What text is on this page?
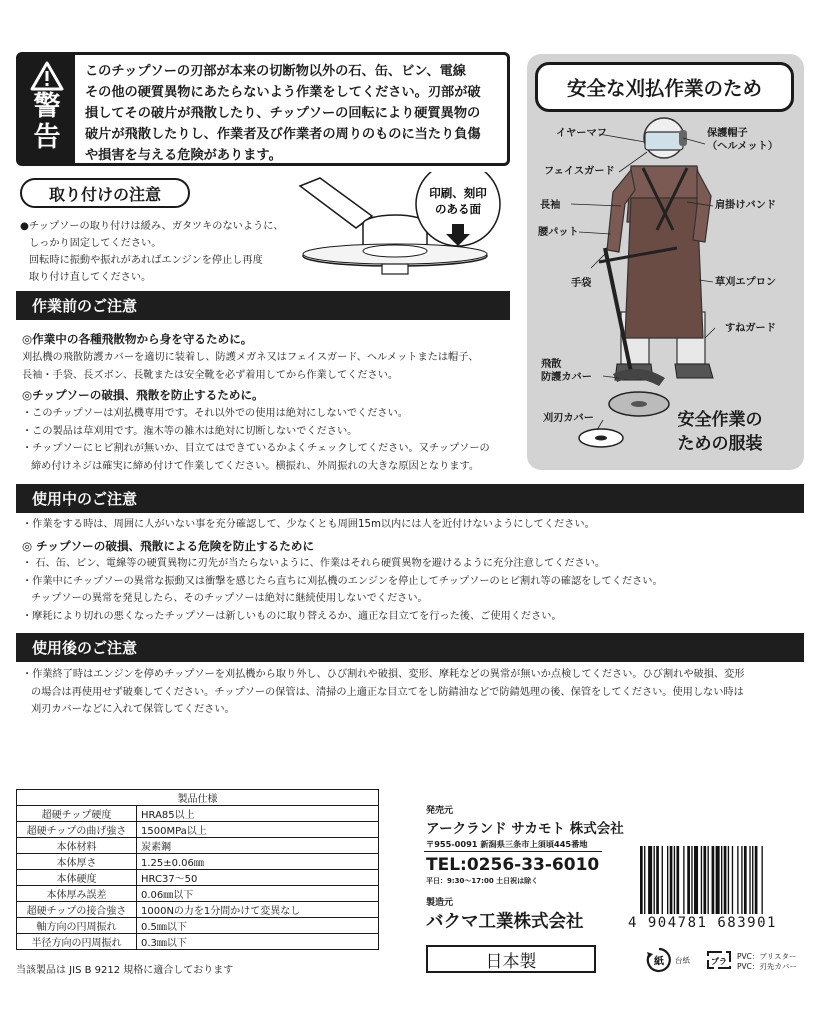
警告
このチップソーの刃部が本来の切断物以外の石、缶、ビン、電線
その他の硬質異物にあたらないよう作業をしてください。刃部が破
損してその破片が飛散したり、チップソーの回転により硬質異物の
破片が飛散したりし、作業者及び作業者の周りのものに当たり負傷
や損害を与える危険があります。
取り付けの注意
●チップソーの取り付けは緩み、ガタツキのないように、
しっかり固定してください。
回転時に振動や振れがあればエンジンを停止し再度
取り付け直してください。
印刷、刻印
のある面
作業前のご注意
◎作業中の各種飛散物から身を守るために。
刈払機の飛散防護カバーを適切に装着し、防護メガネ又はフェイスガード、ヘルメットまたは帽子、
長袖・手袋、長ズボン、長靴または安全靴を必ず着用してから作業してください。
◎チップソーの破損、飛散を防止するために。
・このチップソーは刈払機専用です。それ以外での使用は絶対にしないでください。
・この製品は草刈用です。潅木等の雑木は絶対に切断しないでください。
・チップソーにヒビ割れが無いか、目立てはできているかよくチェックしてください。又チップソーの
締め付けネジは確実に締め付けて作業してください。横振れ、外周振れの大きな原因となります。
安全な刈払作業のため
イヤーマフ	保護帽子
（ヘルメット）
フェイスガード
長袖	肩掛けバンド
腰パット
手袋	草刈エプロン
すねガード
飛散
防護カバー
刈刃カバー	安全作業の
ための服装
使用中のご注意
・作業をする時は、周囲に人がいない事を充分確認して、少なくとも周囲15m以内には人を近付けないようにしてください。
◎ チップソーの破損、飛散による危険を防止するために
・ 石、缶、ビン、電線等の硬質異物に刃先が当たらないように、作業はそれら硬質異物を避けるように充分注意してください。
・作業中にチップソーの異常な振動又は衝撃を感じたら直ちに刈払機のエンジンを停止してチップソーのヒビ割れ等の確認をしてください。
チップソーの異常を発見したら、そのチップソーは絶対に継続使用しないでください。
・摩耗により切れの悪くなったチップソーは新しいものに取り替えるか、適正な目立てを行った後、ご使用ください。
使用後のご注意
・作業終了時はエンジンを停めチップソーを刈払機から取り外し、ひび割れや破損、変形、摩耗などの異常が無いか点検してください。ひび割れや破損、変形
の場合は再使用せず破棄してください。チップソーの保管は、清掃の上適正な目立てをし防錆油などで防錆処理の後、保管をしてください。使用しない時は
刈刃カバーなどに入れて保管してください。
製品仕様	
超硬チップ硬度	HRA85以上
超硬チップの曲げ強さ	1500MPa以上
本体材料	炭素鋼
本体厚さ	1.25±0.06㎜
本体硬度	HRC37～50
本体厚み誤差	0.06㎜以下
超硬チップの接合強さ	1000Nの力を1分間かけて変異なし
軸方向の円周振れ	0.5㎜以下
半径方向の円周振れ	0.3㎜以下
当該製品は JIS B 9212 規格に適合しております
発売元
アークランド サカモト 株式会社
〒955-0091 新潟県三条市上須頃445番地
TEL:0256-33-6010
平日：9:30〜17:00 土日祝は除く
製造元
バクマ工業株式会社
日本製
4 904781 683901
紙 台紙	プラ
PVC：ブリスター
PVC：刃先カバー
